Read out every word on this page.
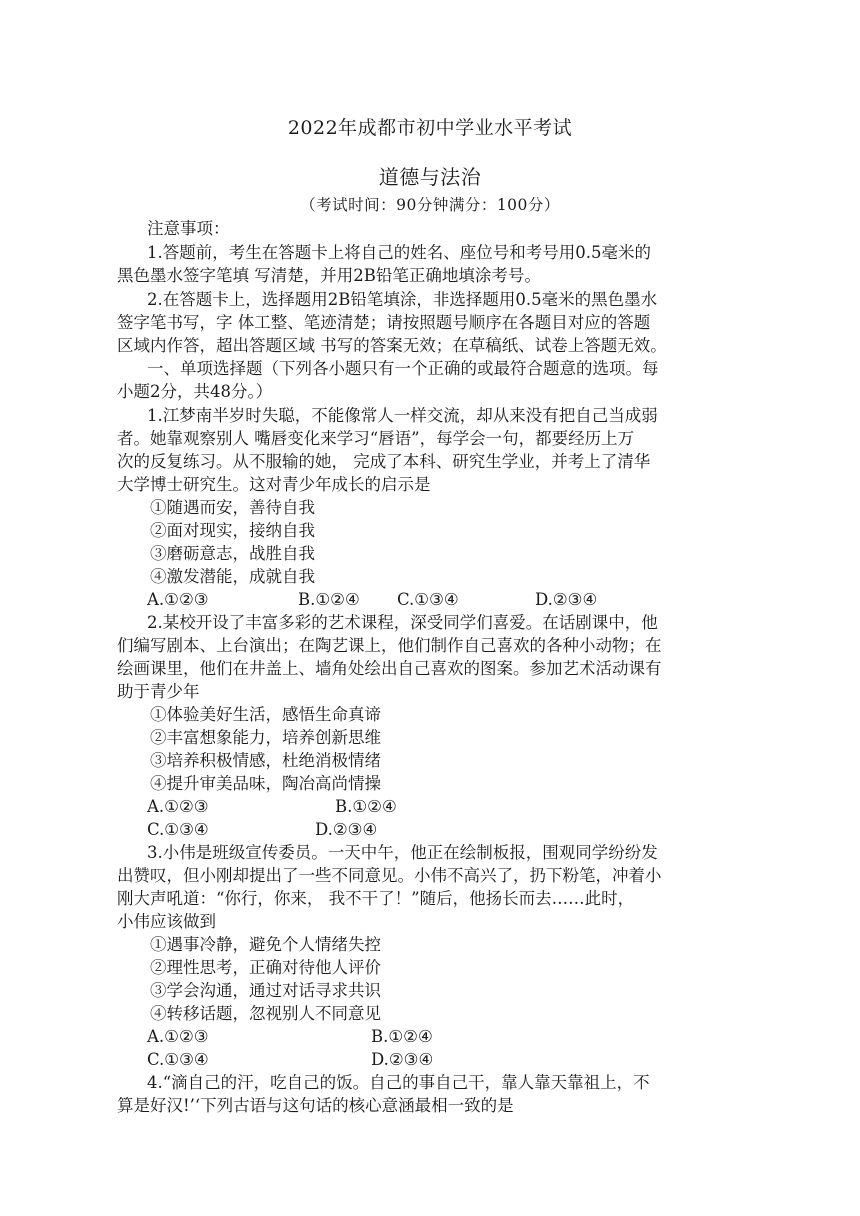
2022年成都市初中学业水平考试
道德与法治
（考试时间：90分钟满分：100分）
注意事项：
1.答题前，考生在答题卡上将自己的姓名、座位号和考号用0.5毫米的
黑色墨水签字笔填 写清楚，并用2B铅笔正确地填涂考号。
2.在答题卡上，选择题用2B铅笔填涂，非选择题用0.5毫米的黑色墨水
签字笔书写，字 体工整、笔迹清楚；请按照题号顺序在各题目对应的答题
区域内作答，超出答题区域 书写的答案无效；在草稿纸、试卷上答题无效。
一、单项选择题（下列各小题只有一个正确的或最符合题意的选项。每
小题2分，共48分。）
1.江梦南半岁时失聪，不能像常人一样交流，却从来没有把自己当成弱
者。她靠观察别人 嘴唇变化来学习“唇语”，每学会一句，都要经历上万
次的反复练习。从不服输的她， 完成了本科、研究生学业，并考上了清华
大学博士研究生。这对青少年成长的启示是
①随遇而安，善待自我
②面对现实，接纳自我
③磨砺意志，战胜自我
④激发潜能，成就自我
A.①②③	B.①②④ C.①③④	D.②③④
2.某校开设了丰富多彩的艺术课程，深受同学们喜爱。在话剧课中，他
们编写剧本、上台演出；在陶艺课上，他们制作自己喜欢的各种小动物；在
绘画课里，他们在井盖上、墙角处绘出自己喜欢的图案。参加艺术活动课有
助于青少年
①体验美好生活，感悟生命真谛
②丰富想象能力，培养创新思维
③培养积极情感，杜绝消极情绪
④提升审美品味，陶冶高尚情操
A.①②③	B.①②④
C.①③④	D.②③④
3.小伟是班级宣传委员。一天中午，他正在绘制板报，围观同学纷纷发
出赞叹，但小刚却提出了一些不同意见。小伟不高兴了，扔下粉笔，冲着小
刚大声吼道：“你行，你来， 我不干了！”随后，他扬长而去……此时，
小伟应该做到
①遇事冷静，避免个人情绪失控
②理性思考，正确对待他人评价
③学会沟通，通过对话寻求共识
④转移话题，忽视别人不同意见
A.①②③	B.①②④
C.①③④	D.②③④
4.“滴自己的汗，吃自己的饭。自己的事自己干，靠人靠天靠祖上，不
算是好汉!’‘下列古语与这句话的核心意涵最相一致的是
